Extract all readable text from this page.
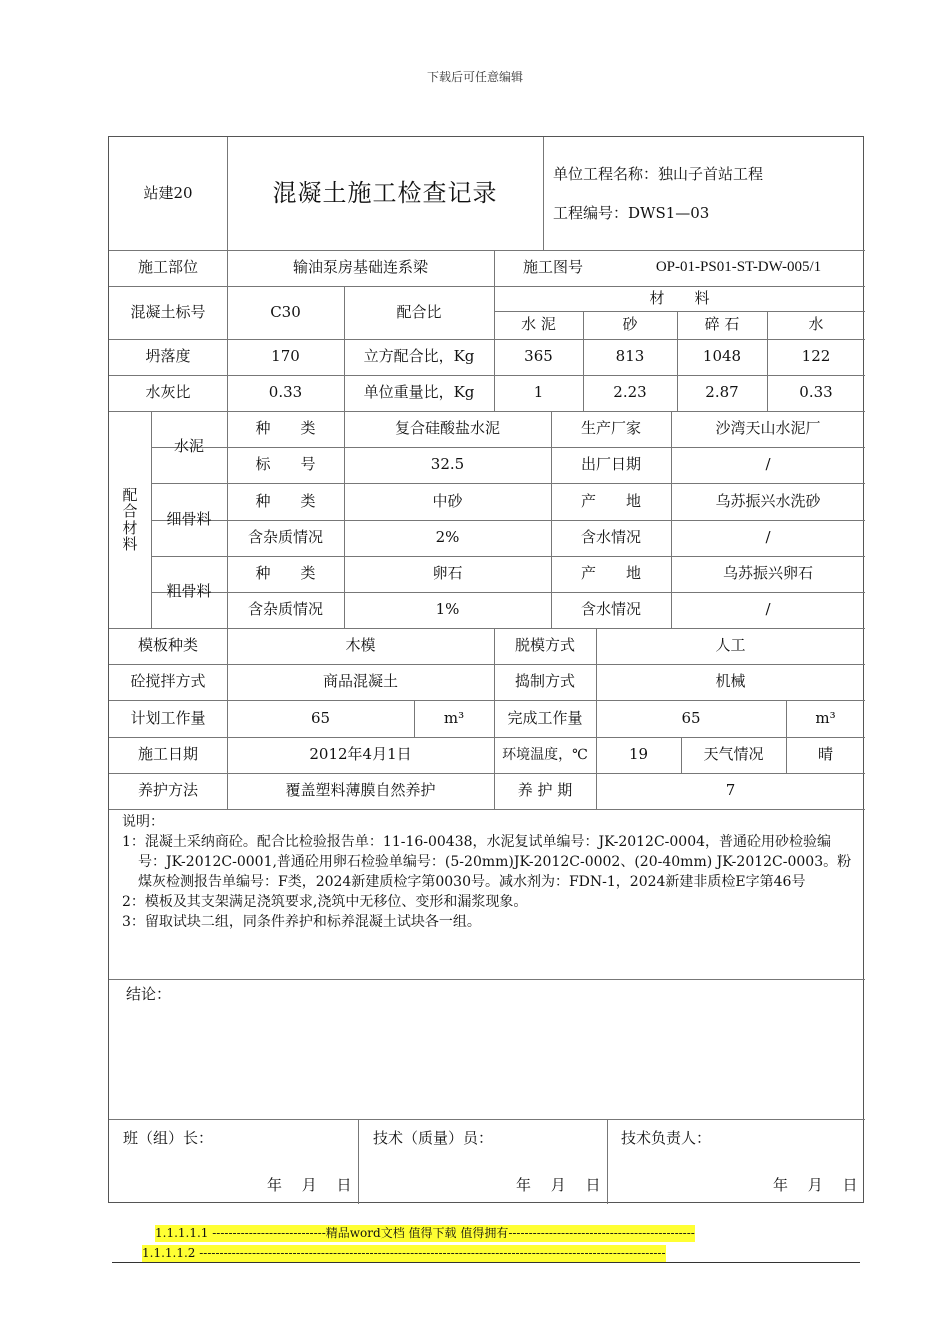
下载后可任意编辑
站建20	混凝土施工检查记录
单位工程名称：独山子首站工程
工程编号：DWS1—03
施工部位	输油泵房基础连系梁	施工图号	OP-01-PS01-ST-DW-005/1
混凝土标号	C30	配合比
材　　料
水 泥	砂	碎 石	水
坍落度	170	立方配合比，Kg	365	813	1048	122
水灰比	0.33	单位重量比，Kg	1	2.23	2.87	0.33
配合材料
水泥
种　　类	复合硅酸盐水泥	生产厂家	沙湾天山水泥厂
标　　号	32.5	出厂日期	/
细骨料
种　　类	中砂	产　　地	乌苏振兴水洗砂
含杂质情况	2%	含水情况	/
粗骨料
种　　类	卵石	产　　地	乌苏振兴卵石
含杂质情况	1%	含水情况	/
模板种类	木模	脱模方式	人工
砼搅拌方式	商品混凝土	捣制方式	机械
计划工作量	65	m³	完成工作量	65	m³
施工日期	2012年4月1日	环境温度，℃	19	天气情况	晴
养护方法	覆盖塑料薄膜自然养护	养 护 期	7
班（组）长：	技术（质量）员：	技术负责人：
年　 月　 日	年　 月　 日	年　 月　 日
说明：
1：混凝土采纳商砼。配合比检验报告单：11-16-00438，水泥复试单编号：JK-2012C-0004，普通砼用砂检验编号：JK-2012C-0001,普通砼用卵石检验单编号：(5-20mm)JK-2012C-0002、(20-40mm) JK-2012C-0003。粉煤灰检测报告单编号：F类，2024新建质检字第0030号。减水剂为：FDN-1，2024新建非质检E字第46号
2：模板及其支架满足浇筑要求,浇筑中无移位、变形和漏浆现象。
3：留取试块二组，同条件养护和标养混凝土试块各一组。
结论：
1.1.1.1.1 ----------------------------精品word文档 值得下载 值得拥有----------------------------------------------
1.1.1.1.2 -------------------------------------------------------------------------------------------------------------------
